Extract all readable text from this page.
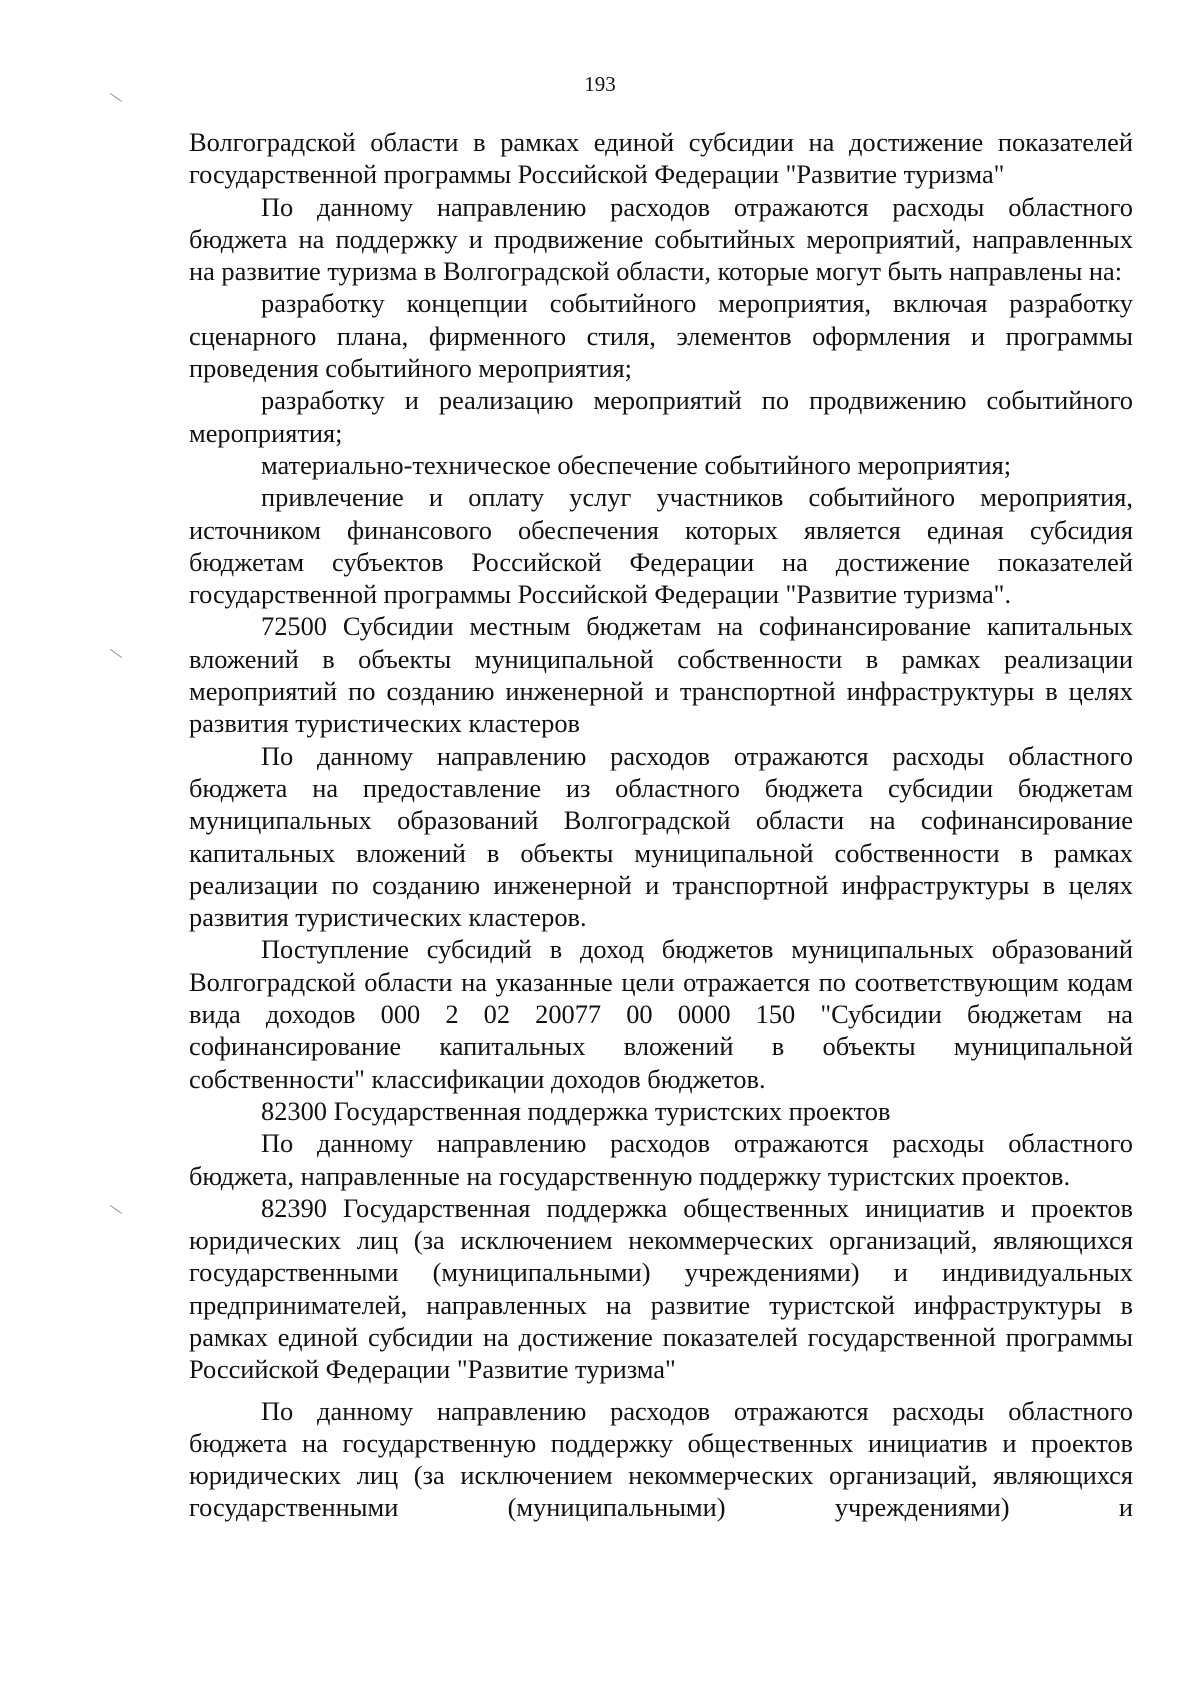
193

Волгоградской области в рамках единой субсидии на достижение показателей государственной программы Российской Федерации "Развитие туризма"

По данному направлению расходов отражаются расходы областного бюджета на поддержку и продвижение событийных мероприятий, направленных на развитие туризма в Волгоградской области, которые могут быть направлены на:

разработку концепции событийного мероприятия, включая разработку сценарного плана, фирменного стиля, элементов оформления и программы проведения событийного мероприятия;

разработку и реализацию мероприятий по продвижению событийного мероприятия;

материально-техническое обеспечение событийного мероприятия;

привлечение и оплату услуг участников событийного мероприятия, источником финансового обеспечения которых является единая субсидия бюджетам субъектов Российской Федерации на достижение показателей государственной программы Российской Федерации "Развитие туризма".

72500 Субсидии местным бюджетам на софинансирование капитальных вложений в объекты муниципальной собственности в рамках реализации мероприятий по созданию инженерной и транспортной инфраструктуры в целях развития туристических кластеров

По данному направлению расходов отражаются расходы областного бюджета на предоставление из областного бюджета субсидии бюджетам муниципальных образований Волгоградской области на софинансирование капитальных вложений в объекты муниципальной собственности в рамках реализации по созданию инженерной и транспортной инфраструктуры в целях развития туристических кластеров.

Поступление субсидий в доход бюджетов муниципальных образований Волгоградской области на указанные цели отражается по соответствующим кодам вида доходов 000 2 02 20077 00 0000 150 "Субсидии бюджетам на софинансирование капитальных вложений в объекты муниципальной собственности" классификации доходов бюджетов.

82300 Государственная поддержка туристских проектов

По данному направлению расходов отражаются расходы областного бюджета, направленные на государственную поддержку туристских проектов.

82390 Государственная поддержка общественных инициатив и проектов юридических лиц (за исключением некоммерческих организаций, являющихся государственными (муниципальными) учреждениями) и индивидуальных предпринимателей, направленных на развитие туристской инфраструктуры в рамках единой субсидии на достижение показателей государственной программы Российской Федерации "Развитие туризма"

По данному направлению расходов отражаются расходы областного бюджета на государственную поддержку общественных инициатив и проектов юридических лиц (за исключением некоммерческих организаций, являющихся государственными (муниципальными) учреждениями) и
